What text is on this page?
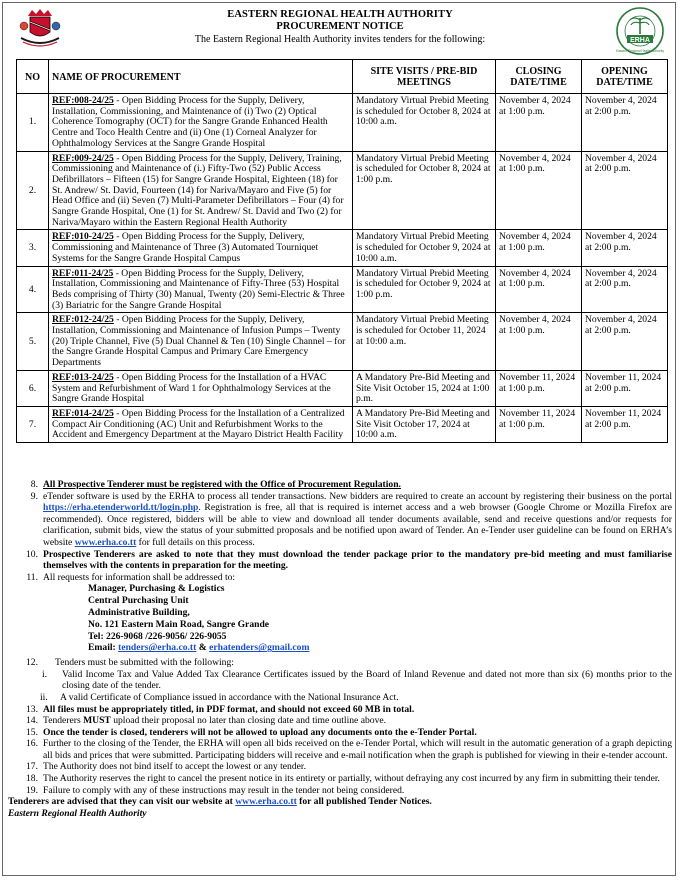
ERHA
Eastern Regional Health Authority
EASTERN REGIONAL HEALTH AUTHORITY
PROCUREMENT NOTICE
The Eastern Regional Health Authority invites tenders for the following:
NO	NAME OF PROCUREMENT	SITE VISITS / PRE-BID MEETINGS	CLOSING DATE/TIME	OPENING DATE/TIME
1.	REF:008-24/25 - Open Bidding Process for the Supply, Delivery, Installation, Commissioning, and Maintenance of (i) Two (2) Optical Coherence Tomography (OCT) for the Sangre Grande Enhanced Health Centre and Toco Health Centre and (ii) One (1) Corneal Analyzer for Ophthalmology Services at the Sangre Grande Hospital	Mandatory Virtual Prebid Meeting is scheduled for October 8, 2024 at 10:00 a.m.	November 4, 2024 at 1:00 p.m.	November 4, 2024 at 2:00 p.m.
2.	REF:009-24/25 - Open Bidding Process for the Supply, Delivery, Training, Commissioning and Maintenance of (i.) Fifty-Two (52) Public Access Defibrillators – Fifteen (15) for Sangre Grande Hospital, Eighteen (18) for St. Andrew/ St. David, Fourteen (14) for Nariva/Mayaro and Five (5) for Head Office and (ii) Seven (7) Multi-Parameter Defibrillators – Four (4) for Sangre Grande Hospital, One (1) for St. Andrew/ St. David and Two (2) for Nariva/Mayaro within the Eastern Regional Health Authority	Mandatory Virtual Prebid Meeting is scheduled for October 8, 2024 at 1:00 p.m.	November 4, 2024 at 1:00 p.m.	November 4, 2024 at 2:00 p.m.
3.	REF:010-24/25 - Open Bidding Process for the Supply, Delivery, Commissioning and Maintenance of Three (3) Automated Tourniquet Systems for the Sangre Grande Hospital Campus	Mandatory Virtual Prebid Meeting is scheduled for October 9, 2024 at 10:00 a.m.	November 4, 2024 at 1:00 p.m.	November 4, 2024 at 2:00 p.m.
4.	REF:011-24/25 - Open Bidding Process for the Supply, Delivery, Installation, Commissioning and Maintenance of Fifty-Three (53) Hospital Beds comprising of Thirty (30) Manual, Twenty (20) Semi-Electric & Three (3) Bariatric for the Sangre Grande Hospital	Mandatory Virtual Prebid Meeting is scheduled for October 9, 2024 at 1:00 p.m.	November 4, 2024 at 1:00 p.m.	November 4, 2024 at 2:00 p.m.
5.	REF:012-24/25 - Open Bidding Process for the Supply, Delivery, Installation, Commissioning and Maintenance of Infusion Pumps – Twenty (20) Triple Channel, Five (5) Dual Channel & Ten (10) Single Channel – for the Sangre Grande Hospital Campus and Primary Care Emergency Departments	Mandatory Virtual Prebid Meeting is scheduled for October 11, 2024 at 10:00 a.m.	November 4, 2024 at 1:00 p.m.	November 4, 2024 at 2:00 p.m.
6.	REF:013-24/25 - Open Bidding Process for the Installation of a HVAC System and Refurbishment of Ward 1 for Ophthalmology Services at the Sangre Grande Hospital	A Mandatory Pre-Bid Meeting and Site Visit October 15, 2024 at 1:00 p.m.	November 11, 2024 at 1:00 p.m.	November 11, 2024 at 2:00 p.m.
7.	REF:014-24/25 - Open Bidding Process for the Installation of a Centralized Compact Air Conditioning (AC) Unit and Refurbishment Works to the Accident and Emergency Department at the Mayaro District Health Facility	A Mandatory Pre-Bid Meeting and Site Visit October 17, 2024 at 10:00 a.m.	November 11, 2024 at 1:00 p.m.	November 11, 2024 at 2:00 p.m.
8. All Prospective Tenderer must be registered with the Office of Procurement Regulation.
9. eTender software is used by the ERHA to process all tender transactions. New bidders are required to create an account by registering their business on the portal https://erha.etenderworld.tt/login.php. Registration is free, all that is required is internet access and a web browser (Google Chrome or Mozilla Firefox are recommended). Once registered, bidders will be able to view and download all tender documents available, send and receive questions and/or requests for clarification, submit bids, view the status of your submitted proposals and be notified upon award of Tender. An e-Tender user guideline can be found on ERHA’s website www.erha.co.tt for full details on this process.
10. Prospective Tenderers are asked to note that they must download the tender package prior to the mandatory pre-bid meeting and must familiarise themselves with the contents in preparation for the meeting.
11. All requests for information shall be addressed to:
Manager, Purchasing & Logistics
Central Purchasing Unit
Administrative Building,
No. 121 Eastern Main Road, Sangre Grande
Tel: 226-9068 /226-9056/ 226-9055
Email: tenders@erha.co.tt & erhatenders@gmail.com
12.	Tenders must be submitted with the following:
i.	Valid Income Tax and Value Added Tax Clearance Certificates issued by the Board of Inland Revenue and dated not more than six (6) months prior to the closing date of the tender.
ii.	A valid Certificate of Compliance issued in accordance with the National Insurance Act.
13. All files must be appropriately titled, in PDF format, and should not exceed 60 MB in total.
14. Tenderers MUST upload their proposal no later than closing date and time outline above.
15. Once the tender is closed, tenderers will not be allowed to upload any documents onto the e-Tender Portal.
16. Further to the closing of the Tender, the ERHA will open all bids received on the e-Tender Portal, which will result in the automatic generation of a graph depicting all bids and prices that were submitted. Participating bidders will receive and e-mail notification when the graph is published for viewing in their e-tender account.
17. The Authority does not bind itself to accept the lowest or any tender.
18. The Authority reserves the right to cancel the present notice in its entirety or partially, without defraying any cost incurred by any firm in submitting their tender.
19. Failure to comply with any of these instructions may result in the tender not being considered.
Tenderers are advised that they can visit our website at www.erha.co.tt for all published Tender Notices.
Eastern Regional Health Authority
